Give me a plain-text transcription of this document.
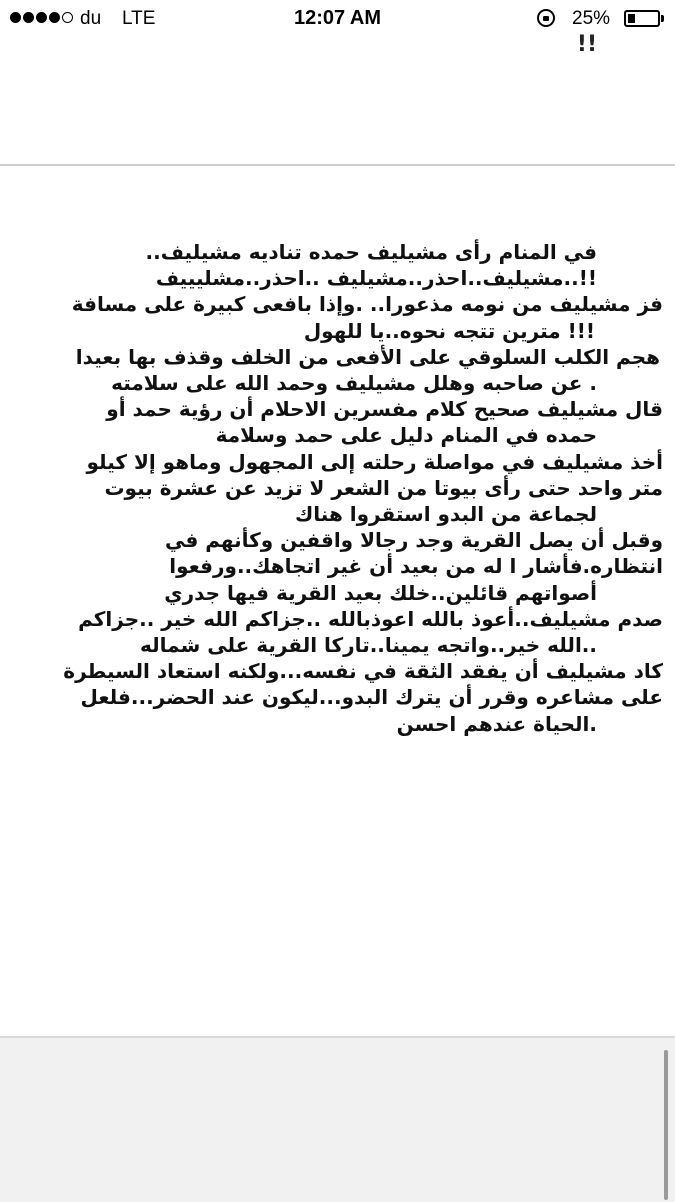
du LTE	12:07 AM	25%
!!
في المنام رأى مشيليف حمده تناديه مشيليف..
!!..مشيليف..احذر..مشيليف ..احذر..مشليييف
فز مشيليف من نومه مذعورا.. .وإذا بافعى كبيرة على مسافة
!!! مترين تتجه نحوه..يا للهول
هجم الكلب السلوقي على الأفعى من الخلف وقذف بها بعيدا
. عن صاحبه وهلل مشيليف وحمد الله على سلامته
قال مشيليف صحيح كلام مفسرين الاحلام أن رؤية حمد أو
حمده في المنام دليل على حمد وسلامة
أخذ مشيليف في مواصلة رحلته إلى المجهول وماهو إلا كيلو
متر واحد حتى رأى بيوتا من الشعر لا تزيد عن عشرة بيوت
لجماعة من البدو استقروا هناك
وقبل أن يصل القرية وجد رجالا واقفين وكأنهم في
انتظاره.فأشار ا له من بعيد أن غير اتجاهك..ورفعوا
أصواتهم قائلين..خلك بعيد القرية فيها جدري
صدم مشيليف..أعوذ بالله اعوذبالله ..جزاكم الله خير ..جزاكم
..الله خير..واتجه يمينا..تاركا القرية على شماله
كاد مشيليف أن يفقد الثقة في نفسه...ولكنه استعاد السيطرة
على مشاعره وقرر أن يترك البدو...ليكون عند الحضر...فلعل
.الحياة عندهم احسن
